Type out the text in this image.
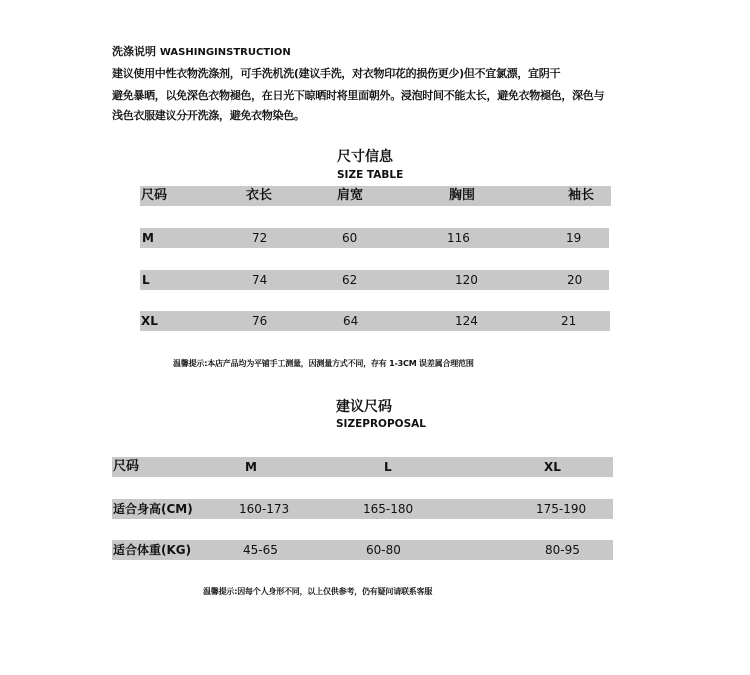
洗涤说明 WASHINGINSTRUCTION
建议使用中性衣物洗涤剂，可手洗机洗(建议手洗，对衣物印花的损伤更少)但不宜氯漂，宜阴干
避免暴晒，以免深色衣物褪色，在日光下晾晒时将里面朝外。浸泡时间不能太长，避免衣物褪色，深色与
浅色衣服建议分开洗涤，避免衣物染色。
尺寸信息
SIZE TABLE
尺码	衣长	肩宽	胸围	袖长
M	72	60	116	19
L	74	62	120	20
XL	76	64	124	21
温馨提示:本店产品均为平铺手工测量，因测量方式不同，存有 1-3CM 误差属合理范围
建议尺码
SIZEPROPOSAL
尺码	M	L	XL
适合身高(CM)	160-173	165-180	175-190
适合体重(KG)	45-65	60-80	80-95
温馨提示:因每个人身形不同，以上仅供参考，仍有疑问请联系客服
